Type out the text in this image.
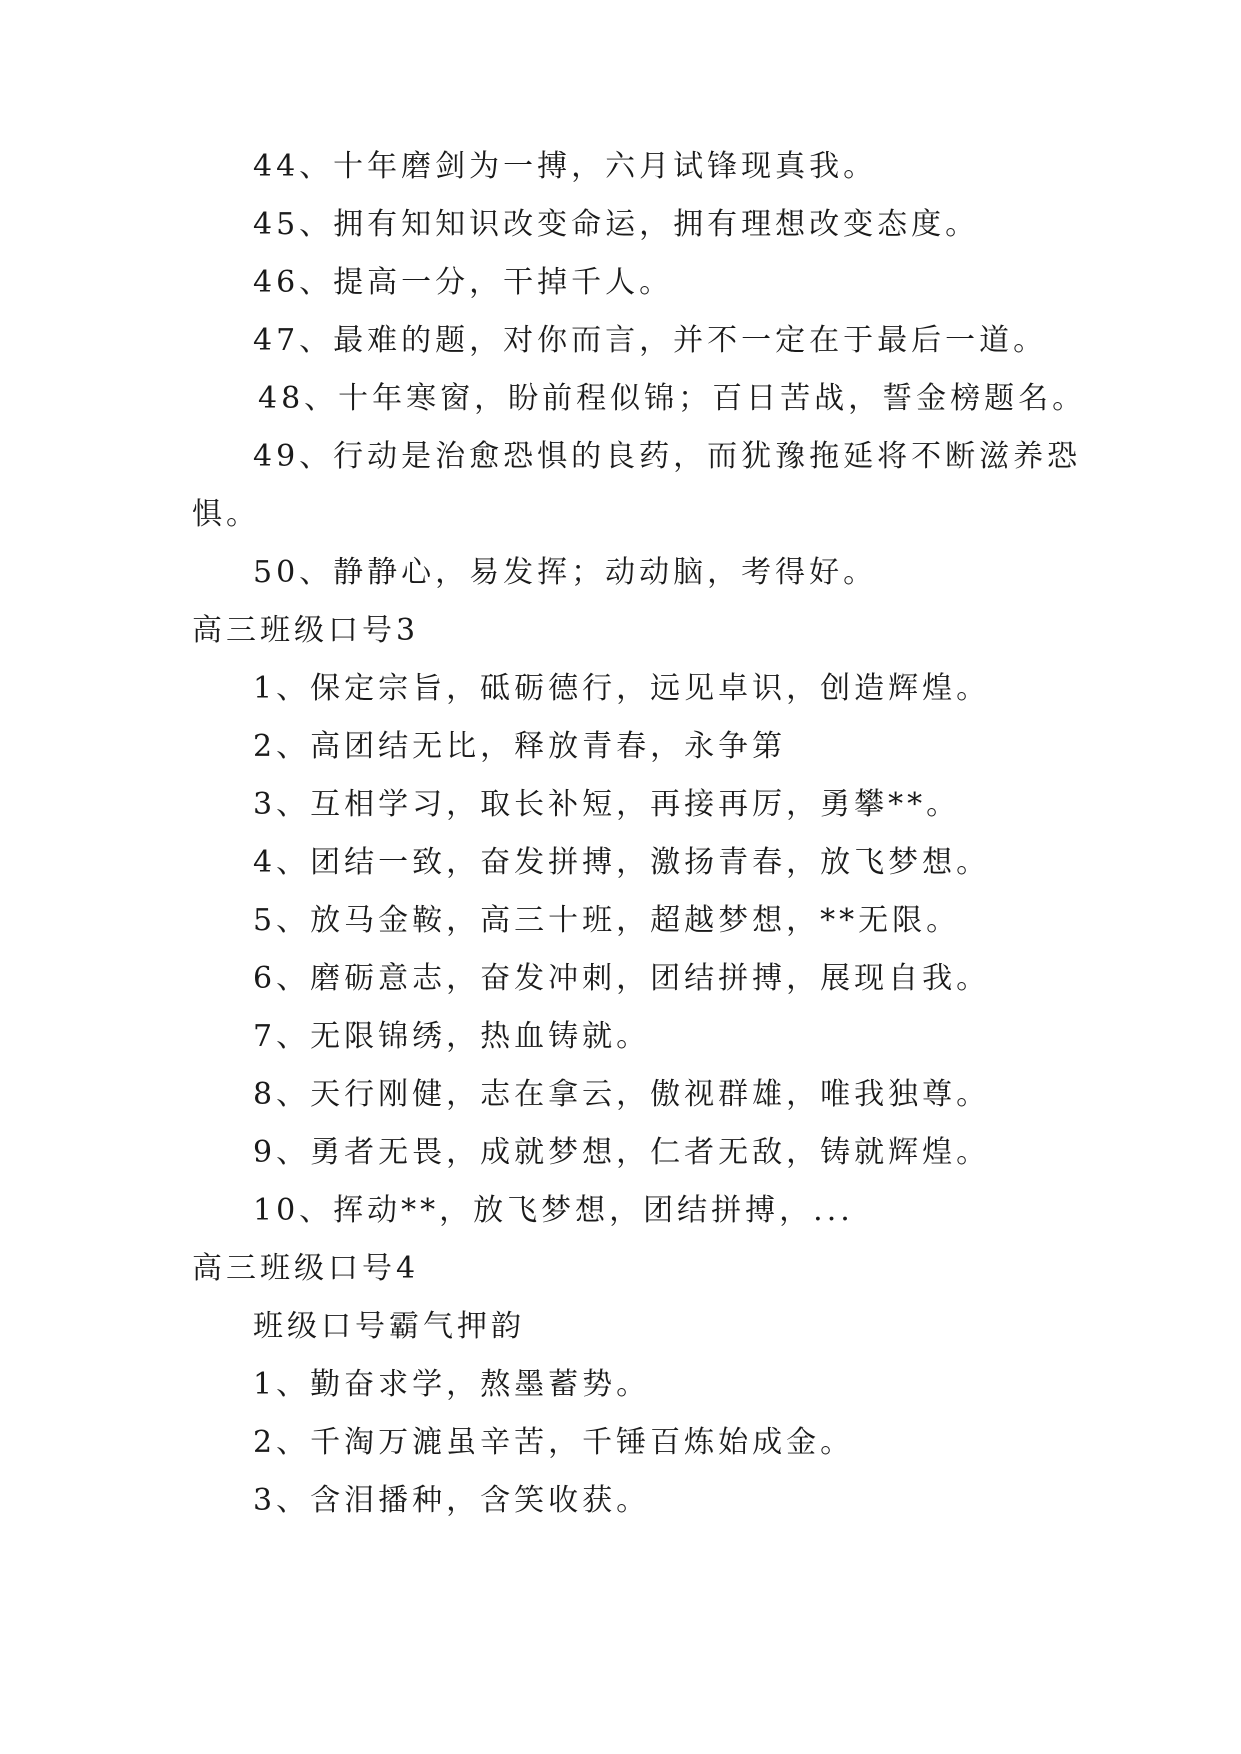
44、十年磨剑为一搏，六月试锋现真我。
45、拥有知知识改变命运，拥有理想改变态度。
46、提高一分，干掉千人。
47、最难的题，对你而言，并不一定在于最后一道。
48、十年寒窗，盼前程似锦；百日苦战，誓金榜题名。
49、行动是治愈恐惧的良药，而犹豫拖延将不断滋养恐
惧。
50、静静心，易发挥；动动脑，考得好。
高三班级口号3
1、保定宗旨，砥砺德行，远见卓识，创造辉煌。
2、高团结无比，释放青春，永争第
3、互相学习，取长补短，再接再厉，勇攀**。
4、团结一致，奋发拼搏，激扬青春，放飞梦想。
5、放马金鞍，高三十班，超越梦想，**无限。
6、磨砺意志，奋发冲刺，团结拼搏，展现自我。
7、无限锦绣，热血铸就。
8、天行刚健，志在拿云，傲视群雄，唯我独尊。
9、勇者无畏，成就梦想，仁者无敌，铸就辉煌。
10、挥动**，放飞梦想，团结拼搏，...
高三班级口号4
班级口号霸气押韵
1、勤奋求学，熬墨蓄势。
2、千淘万漉虽辛苦，千锤百炼始成金。
3、含泪播种，含笑收获。
